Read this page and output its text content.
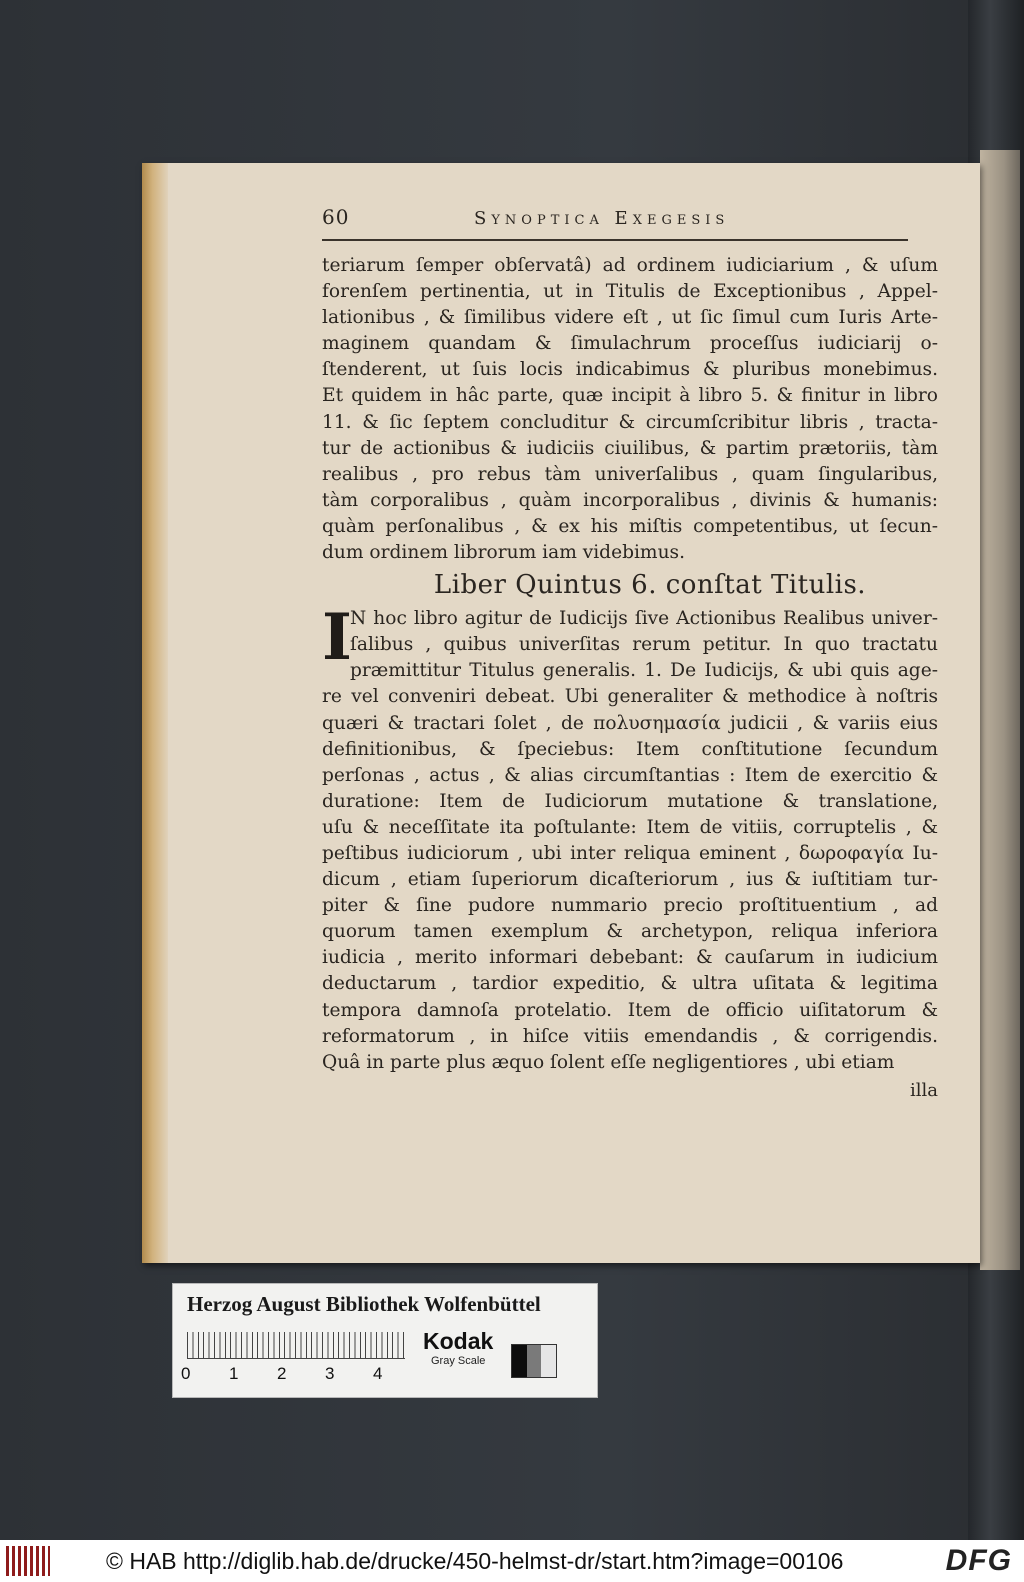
60	Synoptica Exegesis
teriarum ſemper obſervatâ) ad ordinem iudiciarium , & uſum
forenſem pertinentia, ut in Titulis de Exceptionibus , Appel-
lationibus , & ſimilibus videre eſt , ut ſic ſimul cum Iuris Arte-
maginem quandam & ſimulachrum proceſſus iudiciarij o-
ſtenderent, ut ſuis locis indicabimus & pluribus monebimus.
Et quidem in hâc parte, quæ incipit à libro 5. & finitur in libro
11. & ſic ſeptem concluditur & circumſcribitur libris , tracta-
tur de actionibus & iudiciis ciuilibus, & partim prætoriis, tàm
realibus , pro rebus tàm univerſalibus , quam ſingularibus,
tàm corporalibus , quàm incorporalibus , divinis & humanis:
quàm perſonalibus , & ex his miſtis competentibus, ut ſecun-
dum ordinem librorum iam videbimus.
Liber Quintus 6. conſtat Titulis.
I
N hoc libro agitur de Iudicijs ſive Actionibus Realibus univer-
ſalibus , quibus univerſitas rerum petitur. In quo tractatu
præmittitur Titulus generalis. 1. De Iudicijs, & ubi quis age-
re vel conveniri debeat. Ubi generaliter & methodice à noſtris
quæri & tractari ſolet , de πολυσημασία judicii , & variis eius
definitionibus, & ſpeciebus: Item conſtitutione ſecundum
perſonas , actus , & alias circumſtantias : Item de exercitio &
duratione: Item de Iudiciorum mutatione & translatione,
uſu & neceſſitate ita poſtulante: Item de vitiis, corruptelis , &
peſtibus iudiciorum , ubi inter reliqua eminent , δωροφαγία Iu-
dicum , etiam ſuperiorum dicaſteriorum , ius & iuſtitiam tur-
piter & ſine pudore nummario precio proſtituentium , ad
quorum tamen exemplum & archetypon, reliqua inferiora
iudicia , merito informari debebant: & cauſarum in iudicium
deductarum , tardior expeditio, & ultra uſitata & legitima
tempora damnoſa protelatio. Item de officio uiſitatorum &
reformatorum , in hiſce vitiis emendandis , & corrigendis.
Quâ in parte plus æquo ſolent eſſe negligentiores , ubi etiam
illa
Herzog August Bibliothek Wolfenbüttel
0	1	2	3	4
Kodak
Gray Scale
© HAB http://diglib.hab.de/drucke/450-helmst-dr/start.htm?image=00106	DFG
